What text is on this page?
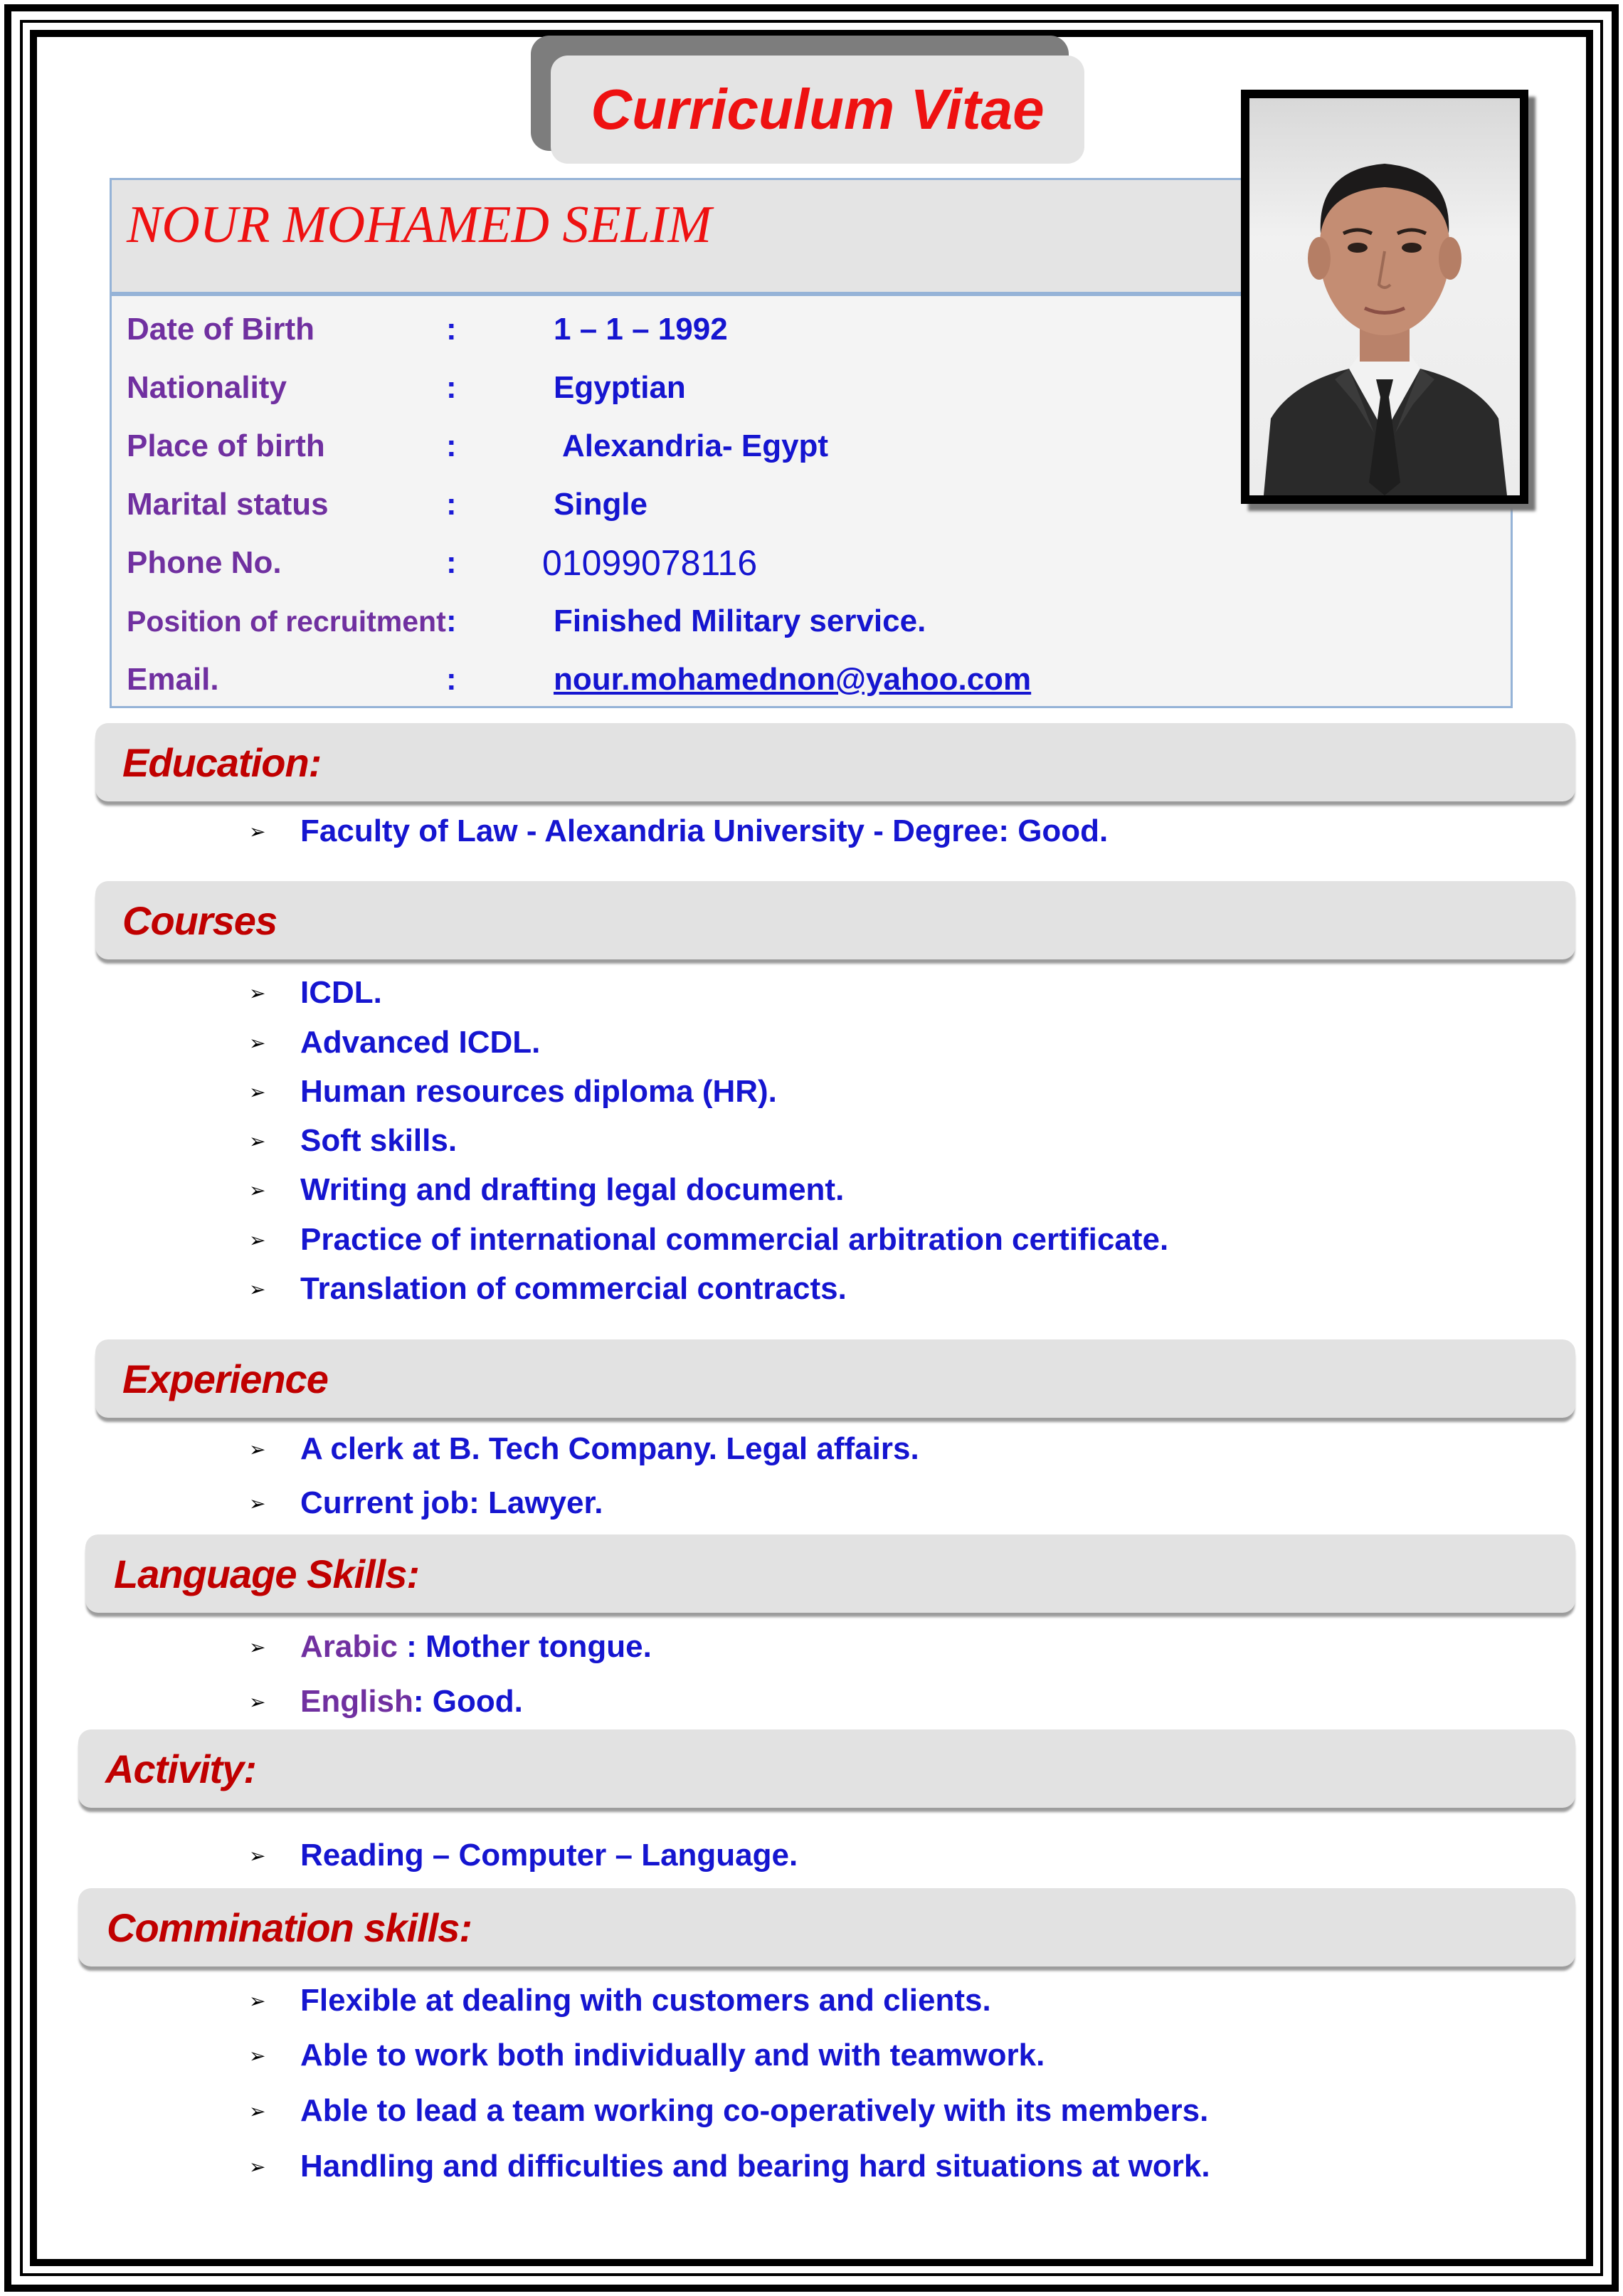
Curriculum Vitae
NOUR MOHAMED SELIM
Date of Birth	:	1 – 1 – 1992
Nationality	:	Egyptian
Place of birth	:	Alexandria- Egypt
Marital status	:	Single
Phone No.	: 01099078116
Position of recruitment :	Finished Military service.
Email.	:	nour.mohamednon@yahoo.com
Education:
➢ Faculty of Law - Alexandria University - Degree: Good.
Courses
➢ ICDL.
➢ Advanced ICDL.
➢ Human resources diploma (HR).
➢ Soft skills.
➢ Writing and drafting legal document.
➢ Practice of international commercial arbitration certificate.
➢ Translation of commercial contracts.
Experience
➢ A clerk at B. Tech Company. Legal affairs.
➢ Current job: Lawyer.
Language Skills:
➢ Arabic : Mother tongue.
➢ English : Good.
Activity:
➢ Reading – Computer – Language.
Commination skills:
➢ Flexible at dealing with customers and clients.
➢ Able to work both individually and with teamwork.
➢ Able to lead a team working co-operatively with its members.
➢ Handling and difficulties and bearing hard situations at work.
